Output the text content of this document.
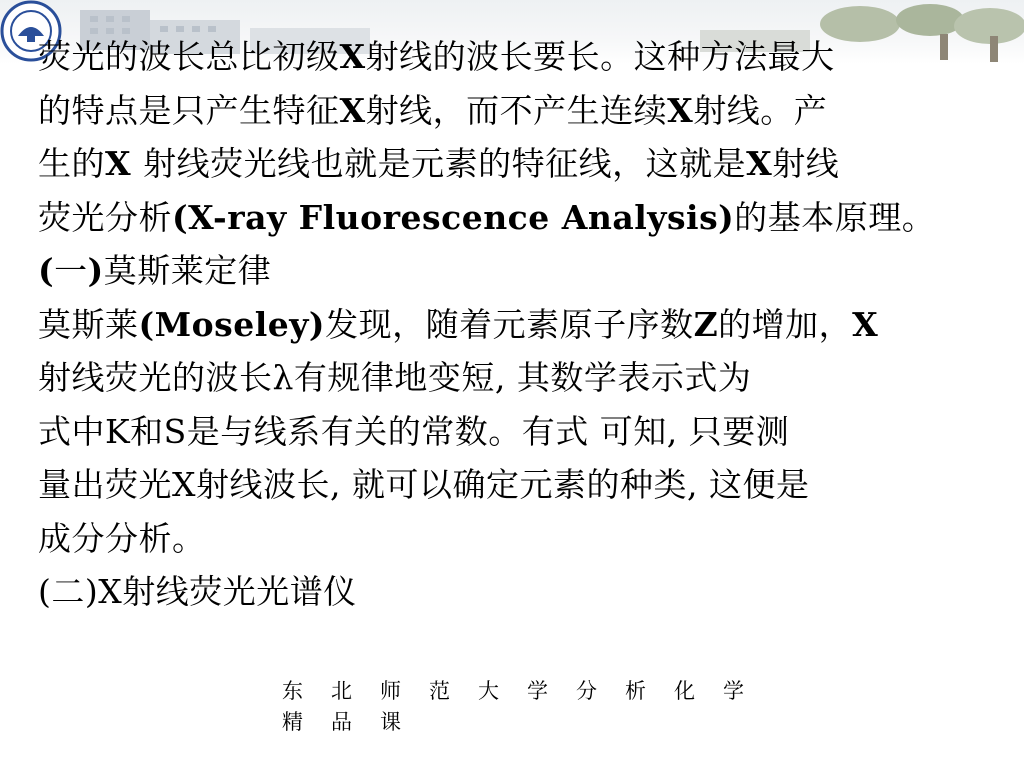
荧光的波长总比初级X射线的波长要长。这种方法最大
的特点是只产生特征X射线，而不产生连续X射线。产
生的X 射线荧光线也就是元素的特征线，这就是X射线
荧光分析(X-ray Fluorescence Analysis)的基本原理。
(一)莫斯莱定律
莫斯莱(Moseley)发现，随着元素原子序数Z的增加，X
射线荧光的波长λ有规律地变短, 其数学表示式为
式中K和S是与线系有关的常数。有式 可知, 只要测
量出荧光X射线波长, 就可以确定元素的种类, 这便是
成分分析。
(二)X射线荧光光谱仪
东北师范大学分析化学
精品课
